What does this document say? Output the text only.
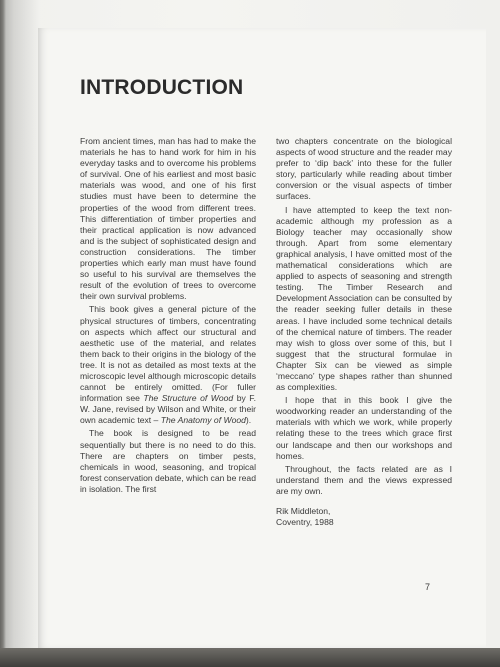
INTRODUCTION

From ancient times, man has had to make the materials he has to hand work for him in his everyday tasks and to overcome his problems of survival. One of his earliest and most basic materials was wood, and one of his first studies must have been to determine the properties of the wood from different trees. This differentiation of timber properties and their practical application is now advanced and is the subject of sophisticated design and construction considerations. The timber properties which early man must have found so useful to his survival are themselves the result of the evolution of trees to overcome their own survival problems.

This book gives a general picture of the physical structures of timbers, concentrating on aspects which affect our structural and aesthetic use of the material, and relates them back to their origins in the biology of the tree. It is not as detailed as most texts at the microscopic level although microscopic details cannot be entirely omitted. (For fuller information see The Structure of Wood by F. W. Jane, revised by Wilson and White, or their own academic text – The Anatomy of Wood).

The book is designed to be read sequentially but there is no need to do this. There are chapters on timber pests, chemicals in wood, seasoning, and tropical forest conservation debate, which can be read in isolation. The first

two chapters concentrate on the biological aspects of wood structure and the reader may prefer to ‘dip back’ into these for the fuller story, particularly while reading about timber conversion or the visual aspects of timber surfaces.

I have attempted to keep the text non-academic although my profession as a Biology teacher may occasionally show through. Apart from some elementary graphical analysis, I have omitted most of the mathematical considerations which are applied to aspects of seasoning and strength testing. The Timber Research and Development Association can be consulted by the reader seeking fuller details in these areas. I have included some technical details of the chemical nature of timbers. The reader may wish to gloss over some of this, but I suggest that the structural formulae in Chapter Six can be viewed as simple ‘meccano’ type shapes rather than shunned as complexities.

I hope that in this book I give the woodworking reader an understanding of the materials with which we work, while properly relating these to the trees which grace first our landscape and then our workshops and homes.

Throughout, the facts related are as I understand them and the views expressed are my own.

Rik Middleton,
Coventry, 1988

7
